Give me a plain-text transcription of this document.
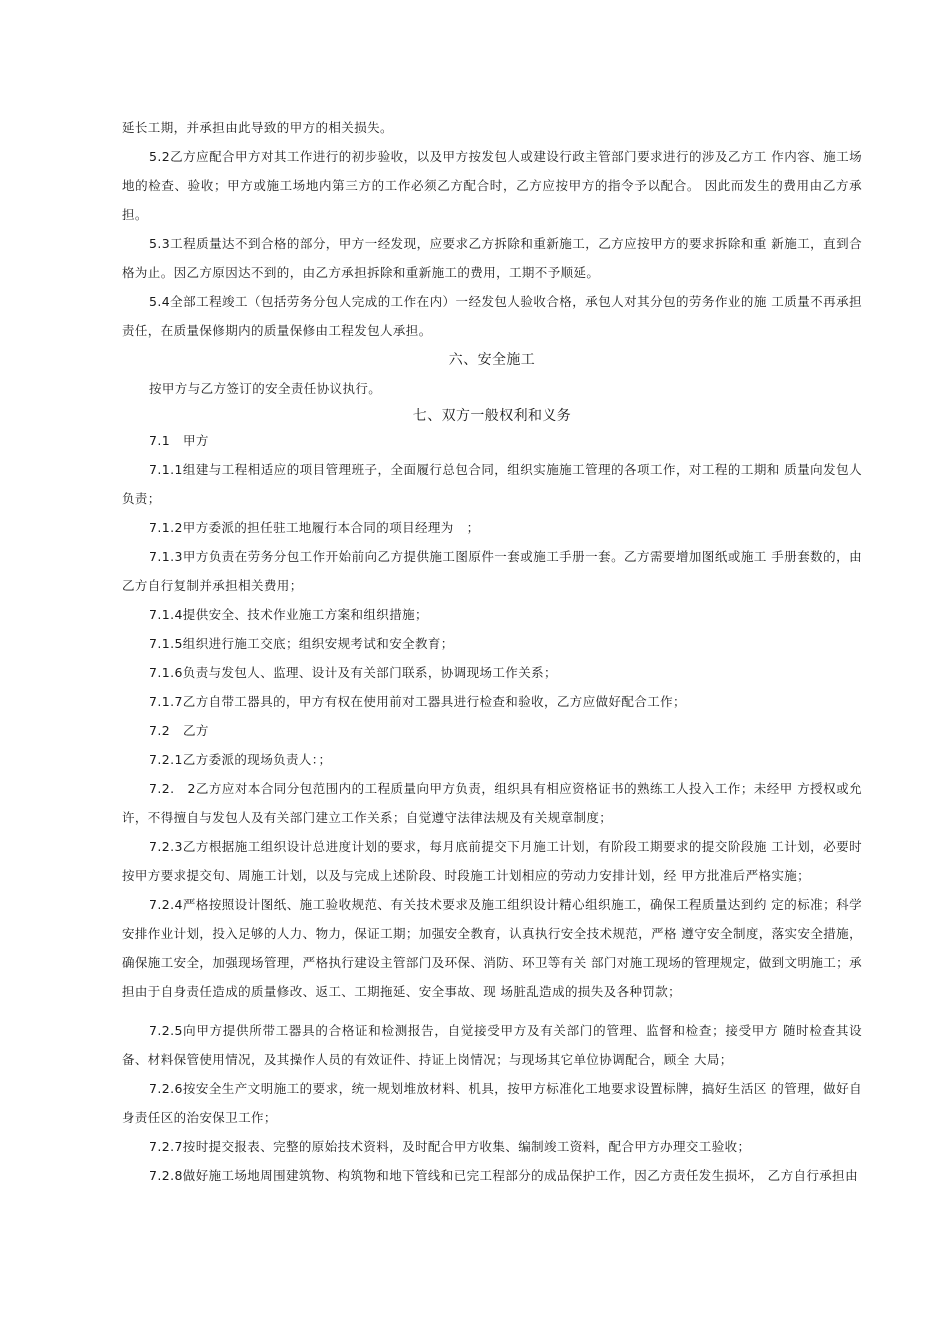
延长工期，并承担由此导致的甲方的相关损失。

5.2乙方应配合甲方对其工作进行的初步验收，以及甲方按发包人或建设行政主管部门要求进行的涉及乙方工 作内容、施工场地的检查、验收；甲方或施工场地内第三方的工作必须乙方配合时，乙方应按甲方的指令予以配合。 因此而发生的费用由乙方承担。

5.3工程质量达不到合格的部分，甲方一经发现，应要求乙方拆除和重新施工，乙方应按甲方的要求拆除和重 新施工，直到合格为止。因乙方原因达不到的，由乙方承担拆除和重新施工的费用，工期不予顺延。

5.4全部工程竣工（包括劳务分包人完成的工作在内）一经发包人验收合格，承包人对其分包的劳务作业的施 工质量不再承担责任，在质量保修期内的质量保修由工程发包人承担。

六、安全施工

按甲方与乙方签订的安全责任协议执行。

七、双方一般权利和义务

7.1　甲方

7.1.1组建与工程相适应的项目管理班子，全面履行总包合同，组织实施施工管理的各项工作，对工程的工期和 质量向发包人负责；

7.1.2甲方委派的担任驻工地履行本合同的项目经理为　；

7.1.3甲方负责在劳务分包工作开始前向乙方提供施工图原件一套或施工手册一套。乙方需要增加图纸或施工 手册套数的，由乙方自行复制并承担相关费用；

7.1.4提供安全、技术作业施工方案和组织措施；

7.1.5组织进行施工交底；组织安规考试和安全教育；

7.1.6负责与发包人、监理、设计及有关部门联系，协调现场工作关系；

7.1.7乙方自带工器具的，甲方有权在使用前对工器具进行检查和验收，乙方应做好配合工作；

7.2　乙方

7.2.1乙方委派的现场负责人：；

7.2.　2乙方应对本合同分包范围内的工程质量向甲方负责，组织具有相应资格证书的熟练工人投入工作；未经甲 方授权或允许，不得擅自与发包人及有关部门建立工作关系；自觉遵守法律法规及有关规章制度；

7.2.3乙方根据施工组织设计总进度计划的要求，每月底前提交下月施工计划，有阶段工期要求的提交阶段施 工计划，必要时按甲方要求提交旬、周施工计划，以及与完成上述阶段、时段施工计划相应的劳动力安排计划，经 甲方批准后严格实施；

7.2.4严格按照设计图纸、施工验收规范、有关技术要求及施工组织设计精心组织施工，确保工程质量达到约 定的标准；科学安排作业计划，投入足够的人力、物力，保证工期；加强安全教育，认真执行安全技术规范，严格 遵守安全制度，落实安全措施，确保施工安全，加强现场管理，严格执行建设主管部门及环保、消防、环卫等有关 部门对施工现场的管理规定，做到文明施工；承担由于自身责任造成的质量修改、返工、工期拖延、安全事故、现 场脏乱造成的损失及各种罚款；

7.2.5向甲方提供所带工器具的合格证和检测报告，自觉接受甲方及有关部门的管理、监督和检查；接受甲方 随时检查其设备、材料保管使用情况，及其操作人员的有效证件、持证上岗情况；与现场其它单位协调配合，顾全 大局；

7.2.6按安全生产文明施工的要求，统一规划堆放材料、机具，按甲方标准化工地要求设置标牌，搞好生活区 的管理，做好自身责任区的治安保卫工作；

7.2.7按时提交报表、完整的原始技术资料，及时配合甲方收集、编制竣工资料，配合甲方办理交工验收；

7.2.8做好施工场地周围建筑物、构筑物和地下管线和已完工程部分的成品保护工作，因乙方责任发生损坏， 乙方自行承担由
